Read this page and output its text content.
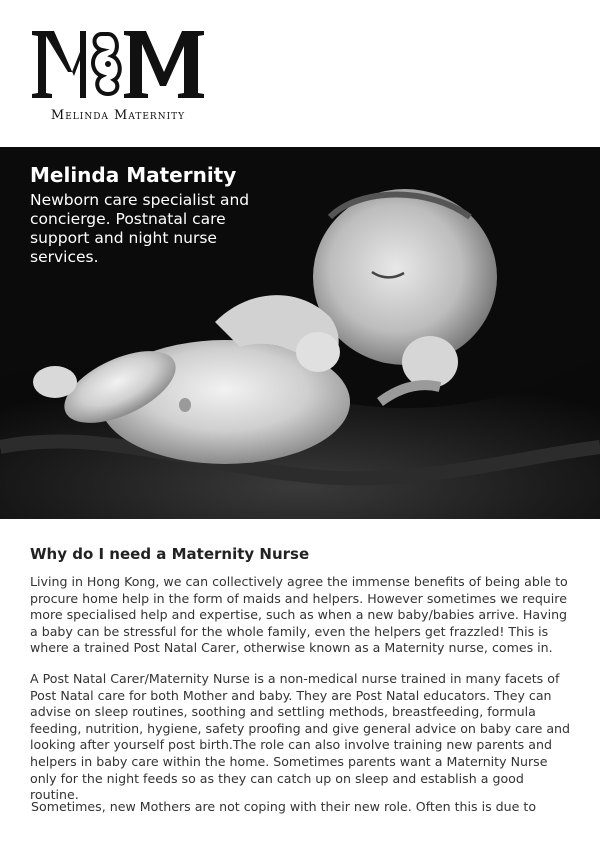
Melinda Maternity
Melinda Maternity
Newborn care specialist and concierge. Postnatal care support and night nurse services.
Why do I need a Maternity Nurse
Living in Hong Kong, we can collectively agree the immense benefits of being able to procure home help in the form of maids and helpers. However sometimes we require more specialised help and expertise, such as when a new baby/babies arrive. Having a baby can be stressful for the whole family, even the helpers get frazzled! This is where a trained Post Natal Carer, otherwise known as a Maternity nurse, comes in.
A Post Natal Carer/Maternity Nurse is a non-medical nurse trained in many facets of Post Natal care for both Mother and baby. They are Post Natal educators. They can advise on sleep routines, soothing and settling methods, breastfeeding, formula feeding, nutrition, hygiene, safety proofing and give general advice on baby care and looking after yourself post birth.The role can also involve training new parents and helpers in baby care within the home. Sometimes parents want a Maternity Nurse only for the night feeds so as they can catch up on sleep and establish a good routine.
Sometimes, new Mothers are not coping with their new role. Often this is due to
